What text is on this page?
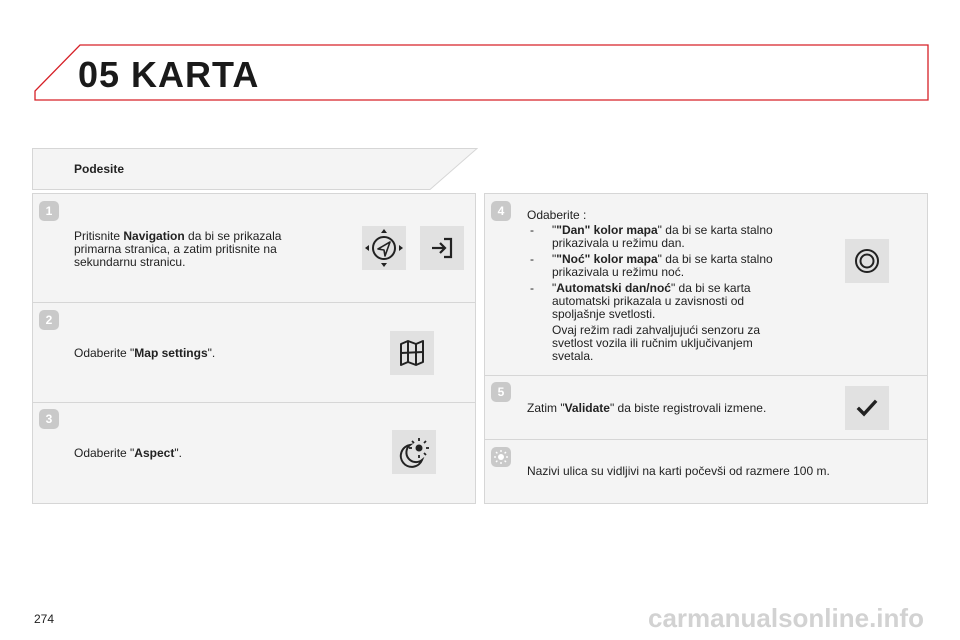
05 KARTA
Podesite
1
Pritisnite Navigation da bi se prikazala primarna stranica, a zatim pritisnite na sekundarnu stranicu.
2
Odaberite "Map settings".
3
Odaberite "Aspect".
4	Odaberite :
- ""Dan" kolor mapa" da bi se karta stalno prikazivala u režimu dan.
- ""Noć" kolor mapa" da bi se karta stalno prikazivala u režimu noć.
- "Automatski dan/noć" da bi se karta automatski prikazala u zavisnosti od spoljašnje svetlosti.
Ovaj režim radi zahvaljujući senzoru za svetlost vozila ili ručnim uključivanjem svetala.
5
Zatim "Validate" da biste registrovali izmene.
Nazivi ulica su vidljivi na karti počevši od razmere 100 m.
274	carmanualsonline.info
